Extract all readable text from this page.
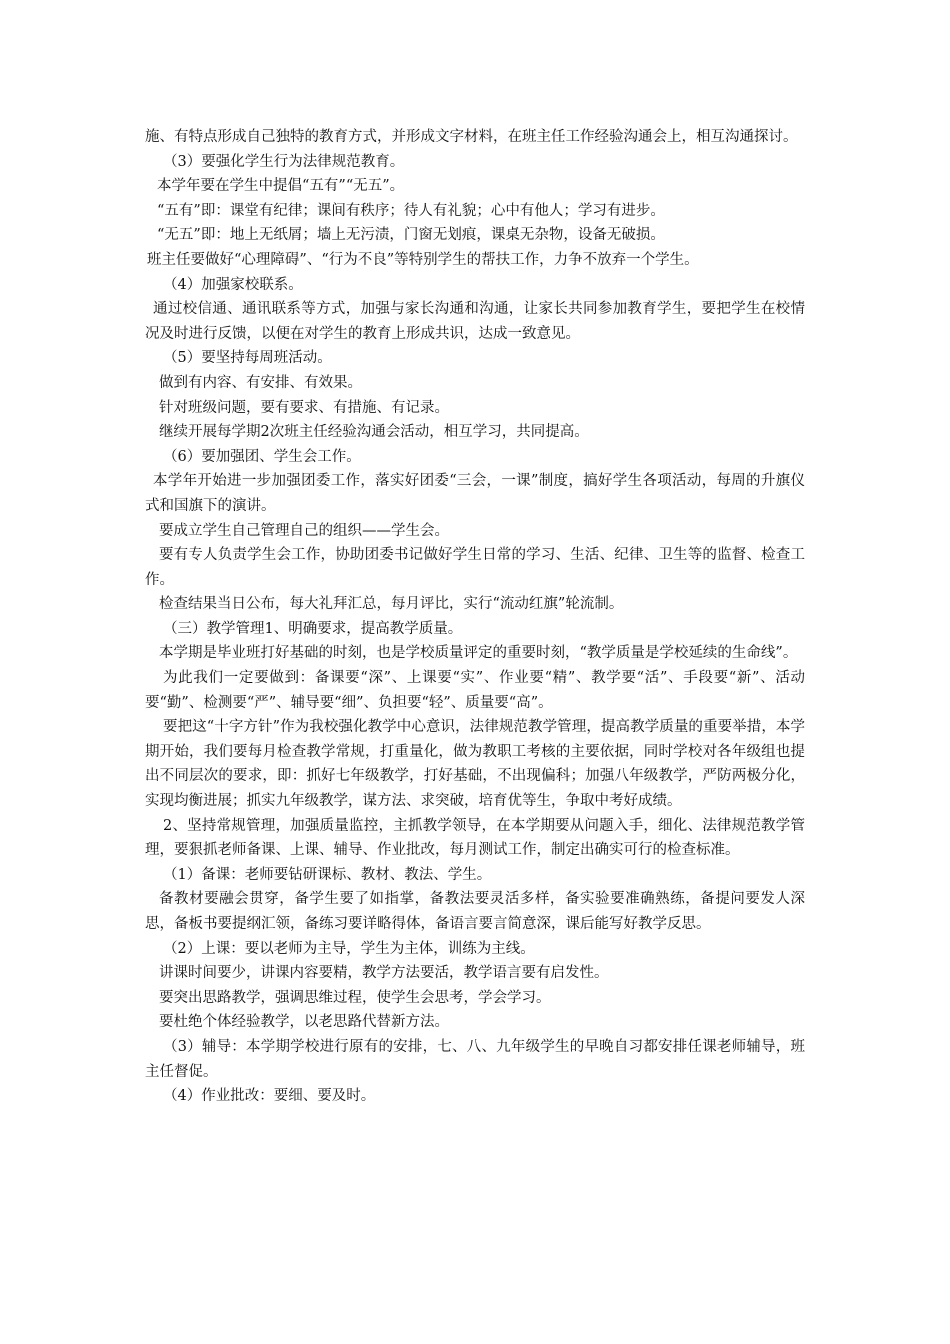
施、有特点形成自己独特的教育方式，并形成文字材料，在班主任工作经验沟通会上，相互沟通探讨。

（3）要强化学生行为法律规范教育。

本学年要在学生中提倡“五有”“无五”。

“五有”即：课堂有纪律；课间有秩序；待人有礼貌；心中有他人；学习有进步。

“无五”即：地上无纸屑；墙上无污渍，门窗无划痕，课桌无杂物，设备无破损。

班主任要做好“心理障碍”、“行为不良”等特别学生的帮扶工作，力争不放弃一个学生。

（4）加强家校联系。

通过校信通、通讯联系等方式，加强与家长沟通和沟通，让家长共同参加教育学生，要把学生在校情况及时进行反馈，以便在对学生的教育上形成共识，达成一致意见。

（5）要坚持每周班活动。

做到有内容、有安排、有效果。

针对班级问题，要有要求、有措施、有记录。

继续开展每学期2次班主任经验沟通会活动，相互学习，共同提高。

（6）要加强团、学生会工作。

本学年开始进一步加强团委工作，落实好团委“三会，一课”制度，搞好学生各项活动，每周的升旗仪式和国旗下的演讲。

要成立学生自己管理自己的组织——学生会。

要有专人负责学生会工作，协助团委书记做好学生日常的学习、生活、纪律、卫生等的监督、检查工作。

检查结果当日公布，每大礼拜汇总，每月评比，实行“流动红旗”轮流制。

（三）教学管理1、明确要求，提高教学质量。

本学期是毕业班打好基础的时刻，也是学校质量评定的重要时刻，“教学质量是学校延续的生命线”。

为此我们一定要做到：备课要“深”、上课要“实”、作业要“精”、教学要“活”、手段要“新”、活动要“勤”、检测要“严”、辅导要“细”、负担要“轻”、质量要“高”。

要把这“十字方针”作为我校强化教学中心意识，法律规范教学管理，提高教学质量的重要举措，本学期开始，我们要每月检查教学常规，打重量化，做为教职工考核的主要依据，同时学校对各年级组也提出不同层次的要求，即：抓好七年级教学，打好基础，不出现偏科；加强八年级教学，严防两极分化，实现均衡进展；抓实九年级教学，谋方法、求突破，培育优等生，争取中考好成绩。

2、坚持常规管理，加强质量监控，主抓教学领导，在本学期要从问题入手，细化、法律规范教学管理，要狠抓老师备课、上课、辅导、作业批改，每月测试工作，制定出确实可行的检查标准。

（1）备课：老师要钻研课标、教材、教法、学生。

备教材要融会贯穿，备学生要了如指掌，备教法要灵活多样，备实验要准确熟练，备提问要发人深思，备板书要提纲汇领，备练习要详略得体，备语言要言简意深，课后能写好教学反思。

（2）上课：要以老师为主导，学生为主体，训练为主线。

讲课时间要少，讲课内容要精，教学方法要活，教学语言要有启发性。

要突出思路教学，强调思维过程，使学生会思考，学会学习。

要杜绝个体经验教学，以老思路代替新方法。

（3）辅导：本学期学校进行原有的安排，七、八、九年级学生的早晚自习都安排任课老师辅导，班主任督促。

（4）作业批改：要细、要及时。
